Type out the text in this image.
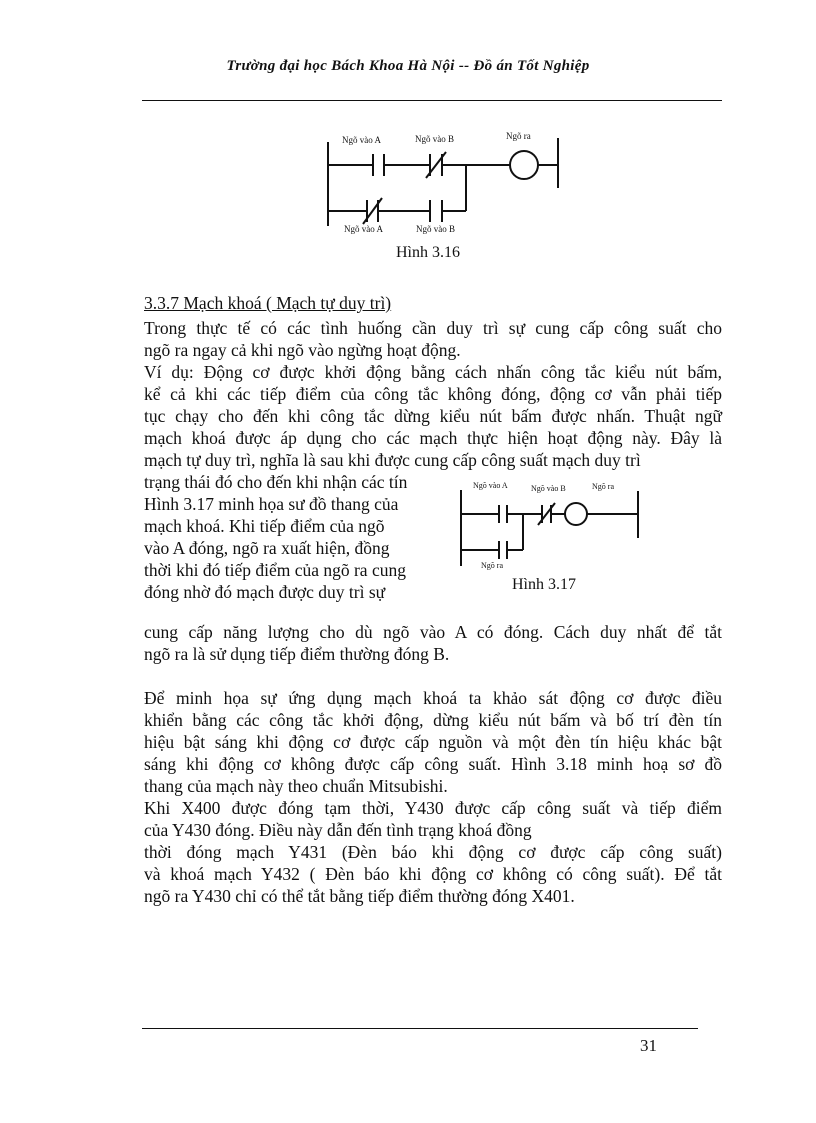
Trường đại học Bách Khoa Hà Nội -- Đồ án Tốt Nghiệp
Ngõ vào A	Ngõ vào B	Ngõ ra
Ngõ vào A	Ngõ vào B
Hình 3.16
3.3.7 Mạch khoá ( Mạch tự duy trì)
Trong thực tế có các tình huống cần duy trì sự cung cấp công suất cho
ngõ ra ngay cả khi ngõ vào ngừng hoạt động.
Ví dụ: Động cơ được khởi động bằng cách nhấn công tắc kiểu nút bấm,
kể cả khi các tiếp điểm của công tắc không đóng, động cơ vẫn phải tiếp
tục chạy cho đến khi công tắc dừng kiểu nút bấm được nhấn. Thuật ngữ
mạch khoá được áp dụng cho các mạch thực hiện hoạt động này. Đây là
mạch tự duy trì, nghĩa là sau khi được cung cấp công suất mạch duy trì
trạng thái đó cho đến khi nhận các tín
Hình 3.17 minh họa sư đồ thang của
mạch khoá. Khi tiếp điểm của ngõ
vào A đóng, ngõ ra xuất hiện, đồng
thời khi đó tiếp điểm của ngõ ra cung
đóng nhờ đó mạch được duy trì sự
Ngõ vào A	Ngõ vào B	Ngõ ra
Ngõ ra
Hình 3.17
cung cấp năng lượng cho dù ngõ vào A có đóng. Cách duy nhất để tắt
ngõ ra là sử dụng tiếp điểm thường đóng B.
Để minh họa sự ứng dụng mạch khoá ta khảo sát động cơ được điều
khiển bằng các công tắc khởi động, dừng kiểu nút bấm và bố trí đèn tín
hiệu bật sáng khi động cơ được cấp nguồn và một đèn tín hiệu khác bật
sáng khi động cơ không được cấp công suất. Hình 3.18 minh hoạ sơ đồ
thang của mạch này theo chuẩn Mitsubishi.
Khi X400 được đóng tạm thời, Y430 được cấp công suất và tiếp điểm
của Y430 đóng. Điều này dẫn đến tình trạng khoá đồng
thời đóng mạch Y431 (Đèn báo khi động cơ được cấp công suất)
và khoá mạch Y432 ( Đèn báo khi động cơ không có công suất). Để tắt
ngõ ra Y430 chỉ có thể tắt bằng tiếp điểm thường đóng X401.
31
